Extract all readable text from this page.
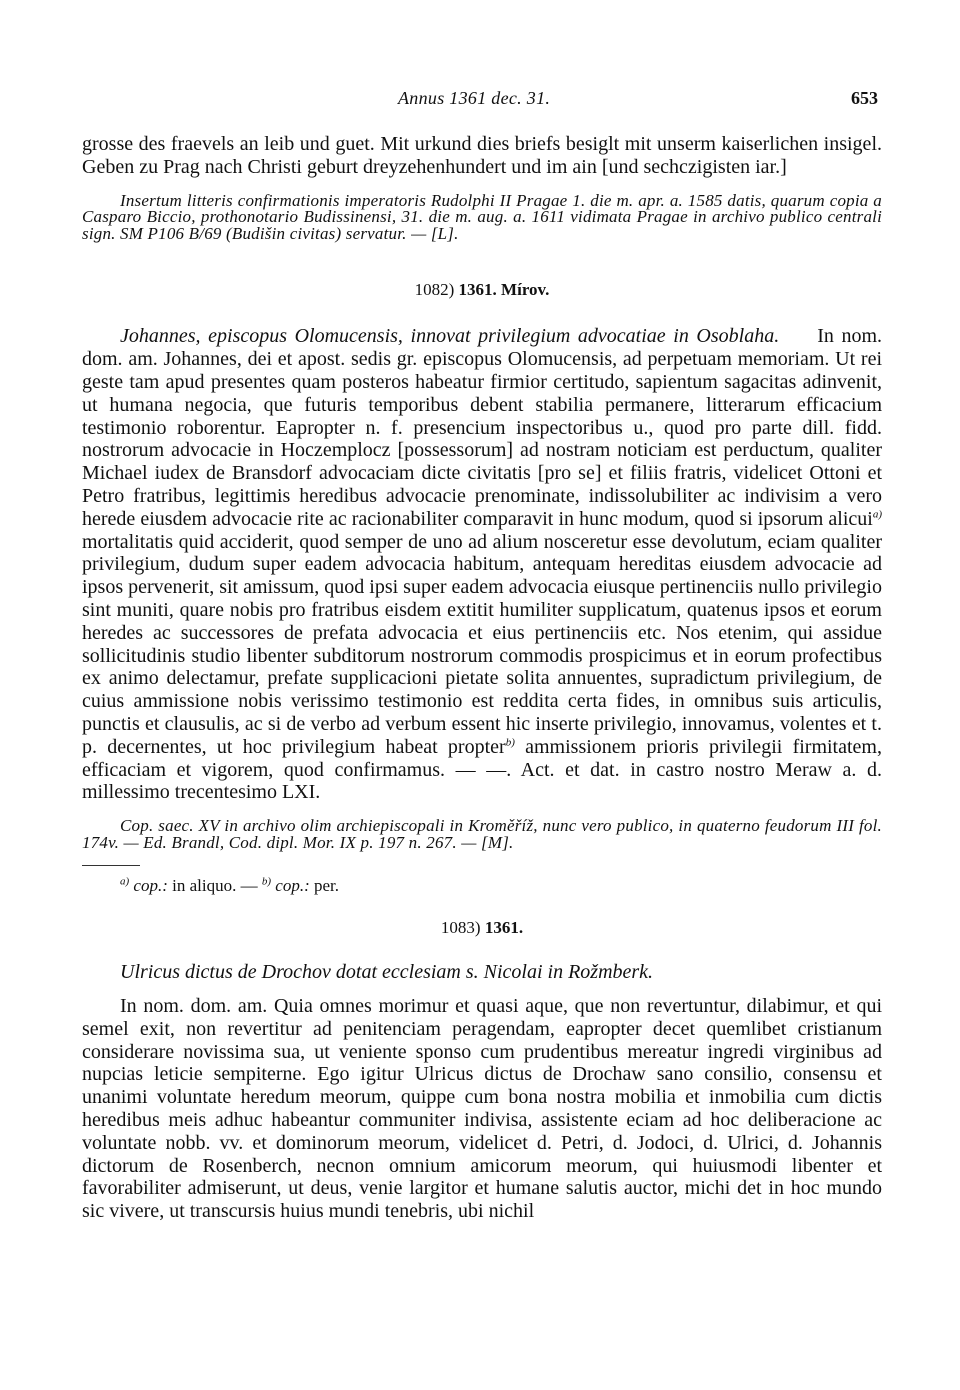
Annus 1361 dec. 31.	653

grosse des fraevels an leib und guet. Mit urkund dies briefs besiglt mit unserm kaiserlichen insigel. Geben zu Prag nach Christi geburt dreyzehenhundert und im ain [und sechczigisten iar.]

Insertum litteris confirmationis imperatoris Rudolphi II Pragae 1. die m. apr. a. 1585 datis, quarum copia a Casparo Biccio, prothonotario Budissinensi, 31. die m. aug. a. 1611 vidimata Pragae in archivo publico centrali sign. SM P106 B/69 (Budišin civitas) servatur. — [L].

1082) 1361. Mírov.

Johannes, episcopus Olomucensis, innovat privilegium advocatiae in Osoblaha. In nom. dom. am. Johannes, dei et apost. sedis gr. episcopus Olomucensis, ad perpetuam memoriam. Ut rei geste tam apud presentes quam posteros habeatur firmior certitudo, sapientum sagacitas adinvenit, ut humana negocia, que futuris temporibus debent stabilia permanere, litterarum efficacium testimonio roborentur. Eapropter n. f. presencium inspectoribus u., quod pro parte dill. fidd. nostrorum advocacie in Hoczemplocz [possessorum] ad nostram noticiam est perductum, qualiter Michael iudex de Bransdorf advocaciam dicte civitatis [pro se] et filiis fratris, videlicet Ottoni et Petro fratribus, legittimis heredibus advocacie prenominate, indissolubiliter ac indivisim a vero herede eiusdem advocacie rite ac racionabiliter comparavit in hunc modum, quod si ipsorum alicui$^{a)}$ mortalitatis quid acciderit, quod semper de uno ad alium nosceretur esse devolutum, eciam qualiter privilegium, dudum super eadem advocacia habitum, antequam hereditas eiusdem advocacie ad ipsos pervenerit, sit amissum, quod ipsi super eadem advocacia eiusque pertinenciis nullo privilegio sint muniti, quare nobis pro fratribus eisdem extitit humiliter supplicatum, quatenus ipsos et eorum heredes ac successores de prefata advocacia et eius pertinenciis etc. Nos etenim, qui assidue sollicitudinis studio libenter subditorum nostrorum commodis prospicimus et in eorum profectibus ex animo delectamur, prefate supplicacioni pietate solita annuentes, supradictum privilegium, de cuius ammissione nobis verissimo testimonio est reddita certa fides, in omnibus suis articulis, punctis et clausulis, ac si de verbo ad verbum essent hic inserte privilegio, innovamus, volentes et t. p. decernentes, ut hoc privilegium habeat propter$^{b)}$ ammissionem prioris privilegii firmitatem, efficaciam et vigorem, quod confirmamus. — —. Act. et dat. in castro nostro Meraw a. d. millessimo trecentesimo LXI.

Cop. saec. XV in archivo olim archiepiscopali in Kroměříž, nunc vero publico, in quaterno feudorum III fol. 174v. — Ed. Brandl, Cod. dipl. Mor. IX p. 197 n. 267. — [M].

$^{a)}$ cop.: in aliquo. — $^{b)}$ cop.: per.

1083) 1361.

Ulricus dictus de Drochov dotat ecclesiam s. Nicolai in Rožmberk.

In nom. dom. am. Quia omnes morimur et quasi aque, que non revertuntur, dilabimur, et qui semel exit, non revertitur ad penitenciam peragendam, eapropter decet quemlibet cristianum considerare novissima sua, ut veniente sponso cum prudentibus mereatur ingredi virginibus ad nupcias leticie sempiterne. Ego igitur Ulricus dictus de Drochaw sano consilio, consensu et unanimi voluntate heredum meorum, quippe cum bona nostra mobilia et inmobilia cum dictis heredibus meis adhuc habeantur communiter indivisa, assistente eciam ad hoc deliberacione ac voluntate nobb. vv. et dominorum meorum, videlicet d. Petri, d. Jodoci, d. Ulrici, d. Johannis dictorum de Rosenberch, necnon omnium amicorum meorum, qui huiusmodi libenter et favorabiliter admiserunt, ut deus, venie largitor et humane salutis auctor, michi det in hoc mundo sic vivere, ut transcursis huius mundi tenebris, ubi nichil
